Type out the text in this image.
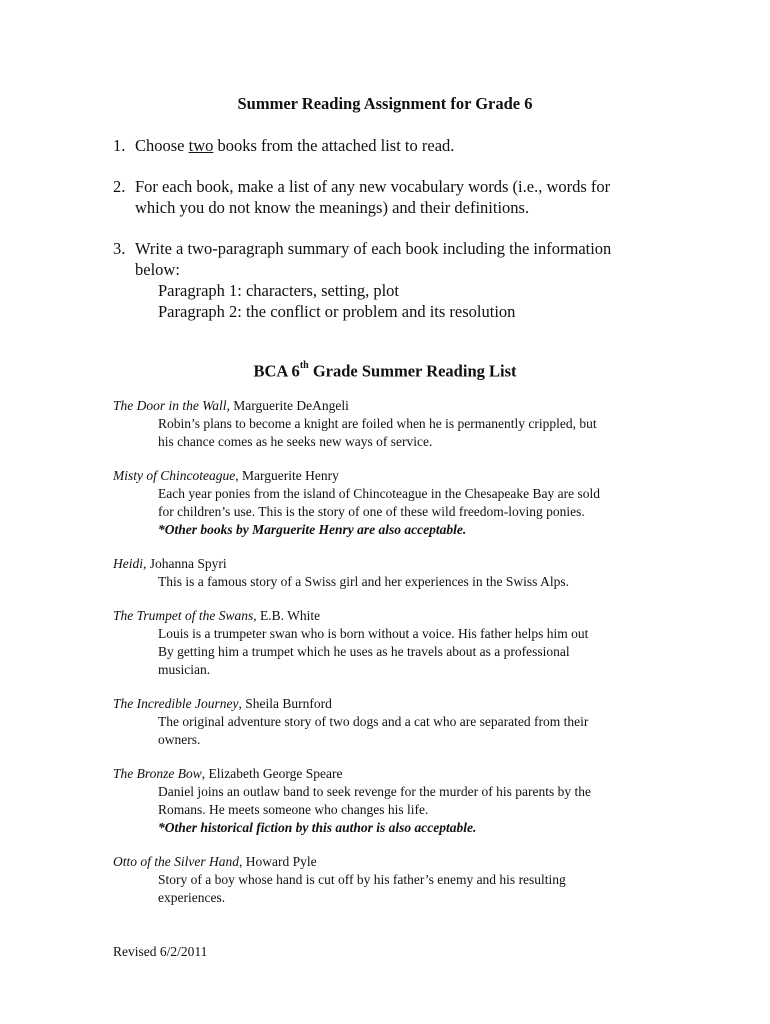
Summer Reading Assignment for Grade 6
1. Choose two books from the attached list to read.
2. For each book, make a list of any new vocabulary words (i.e., words for
which you do not know the meanings) and their definitions.
3. Write a two-paragraph summary of each book including the information
below:
Paragraph 1: characters, setting, plot
Paragraph 2: the conflict or problem and its resolution
BCA 6th Grade Summer Reading List
The Door in the Wall, Marguerite DeAngeli
Robin’s plans to become a knight are foiled when he is permanently crippled, but
his chance comes as he seeks new ways of service.
Misty of Chincoteague, Marguerite Henry
Each year ponies from the island of Chincoteague in the Chesapeake Bay are sold
for children’s use. This is the story of one of these wild freedom-loving ponies.
*Other books by Marguerite Henry are also acceptable.
Heidi, Johanna Spyri
This is a famous story of a Swiss girl and her experiences in the Swiss Alps.
The Trumpet of the Swans, E.B. White
Louis is a trumpeter swan who is born without a voice. His father helps him out
By getting him a trumpet which he uses as he travels about as a professional
musician.
The Incredible Journey, Sheila Burnford
The original adventure story of two dogs and a cat who are separated from their
owners.
The Bronze Bow, Elizabeth George Speare
Daniel joins an outlaw band to seek revenge for the murder of his parents by the
Romans. He meets someone who changes his life.
*Other historical fiction by this author is also acceptable.
Otto of the Silver Hand, Howard Pyle
Story of a boy whose hand is cut off by his father’s enemy and his resulting
experiences.
Revised 6/2/2011
